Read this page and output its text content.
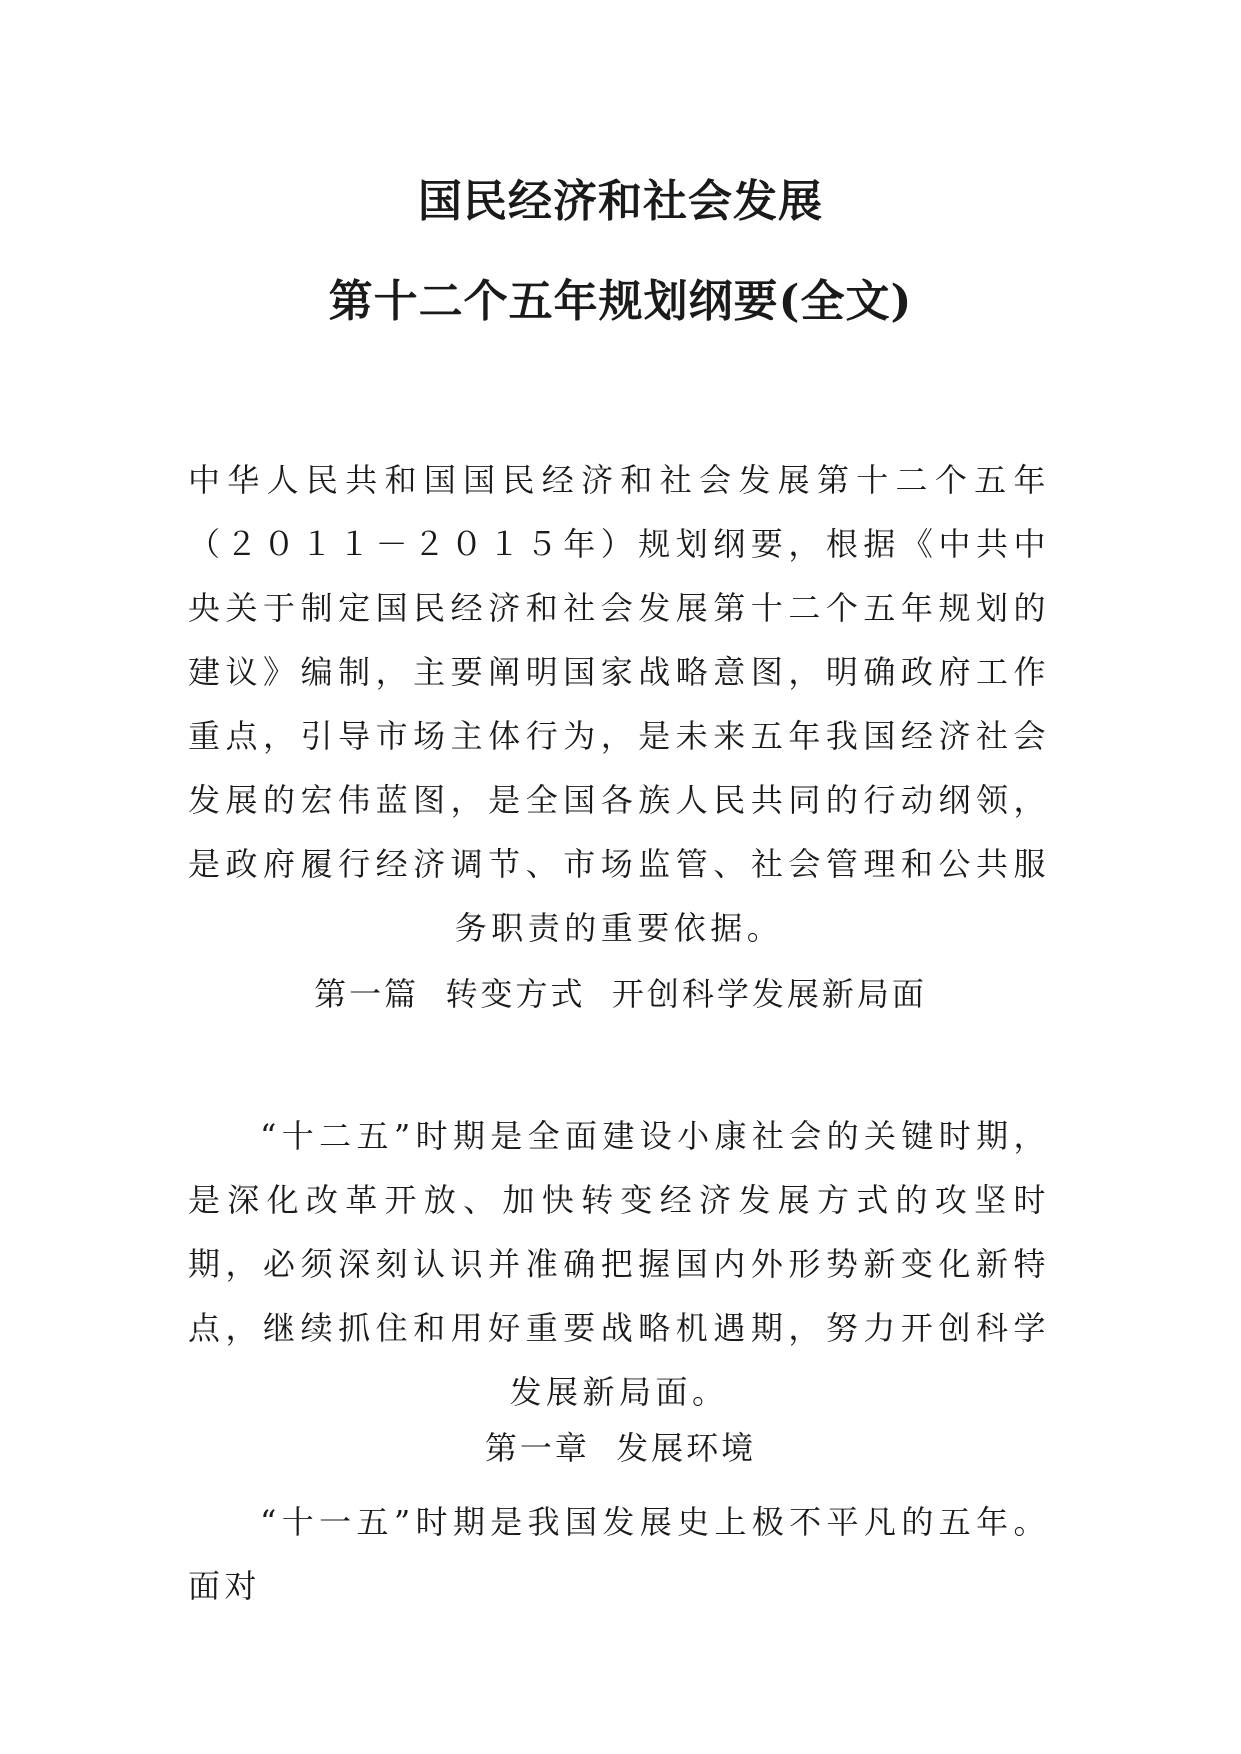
国民经济和社会发展
第十二个五年规划纲要(全文)
中华人民共和国国民经济和社会发展第十二个五年（２０１１－２０１５年）规划纲要，根据《中共中央关于制定国民经济和社会发展第十二个五年规划的建议》编制，主要阐明国家战略意图，明确政府工作重点，引导市场主体行为，是未来五年我国经济社会发展的宏伟蓝图，是全国各族人民共同的行动纲领，是政府履行经济调节、市场监管、社会管理和公共服务职责的重要依据。
第一篇  转变方式  开创科学发展新局面
“十二五”时期是全面建设小康社会的关键时期，是深化改革开放、加快转变经济发展方式的攻坚时期，必须深刻认识并准确把握国内外形势新变化新特点，继续抓住和用好重要战略机遇期，努力开创科学发展新局面。
第一章  发展环境
“十一五”时期是我国发展史上极不平凡的五年。面对
